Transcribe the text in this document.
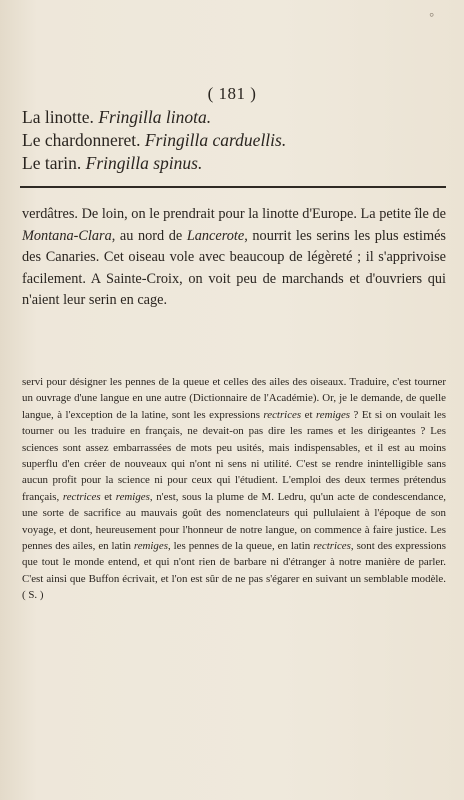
°
( 181 )
La linotte. Fringilla linota.
Le chardonneret. Fringilla carduellis.
Le tarin. Fringilla spinus.

verdâtres. De loin, on le prendrait pour la linotte d'Europe. La petite île de Montana-Clara, au nord de Lancerote, nourrit les serins les plus estimés des Canaries. Cet oiseau vole avec beaucoup de légèreté ; il s'apprivoise facilement. A Sainte-Croix, on voit peu de marchands et d'ouvriers qui n'aient leur serin en cage.

servi pour désigner les pennes de la queue et celles des ailes des oiseaux. Traduire, c'est tourner un ouvrage d'une langue en une autre (Dictionnaire de l'Académie). Or, je le demande, de quelle langue, à l'exception de la latine, sont les expressions rectrices et remiges ? Et si on voulait les tourner ou les traduire en français, ne devait-on pas dire les rames et les dirigeantes ? Les sciences sont assez embarrassées de mots peu usités, mais indispensables, et il est au moins superflu d'en créer de nouveaux qui n'ont ni sens ni utilité. C'est se rendre inintelligible sans aucun profit pour la science ni pour ceux qui l'étudient. L'emploi des deux termes prétendus français, rectrices et remiges, n'est, sous la plume de M. Ledru, qu'un acte de condescendance, une sorte de sacrifice au mauvais goût des nomenclateurs qui pullulaient à l'époque de son voyage, et dont, heureusement pour l'honneur de notre langue, on commence à faire justice. Les pennes des ailes, en latin remiges, les pennes de la queue, en latin rectrices, sont des expressions que tout le monde entend, et qui n'ont rien de barbare ni d'étranger à notre manière de parler. C'est ainsi que Buffon écrivait, et l'on est sûr de ne pas s'égarer en suivant un semblable modèle. ( S. )
